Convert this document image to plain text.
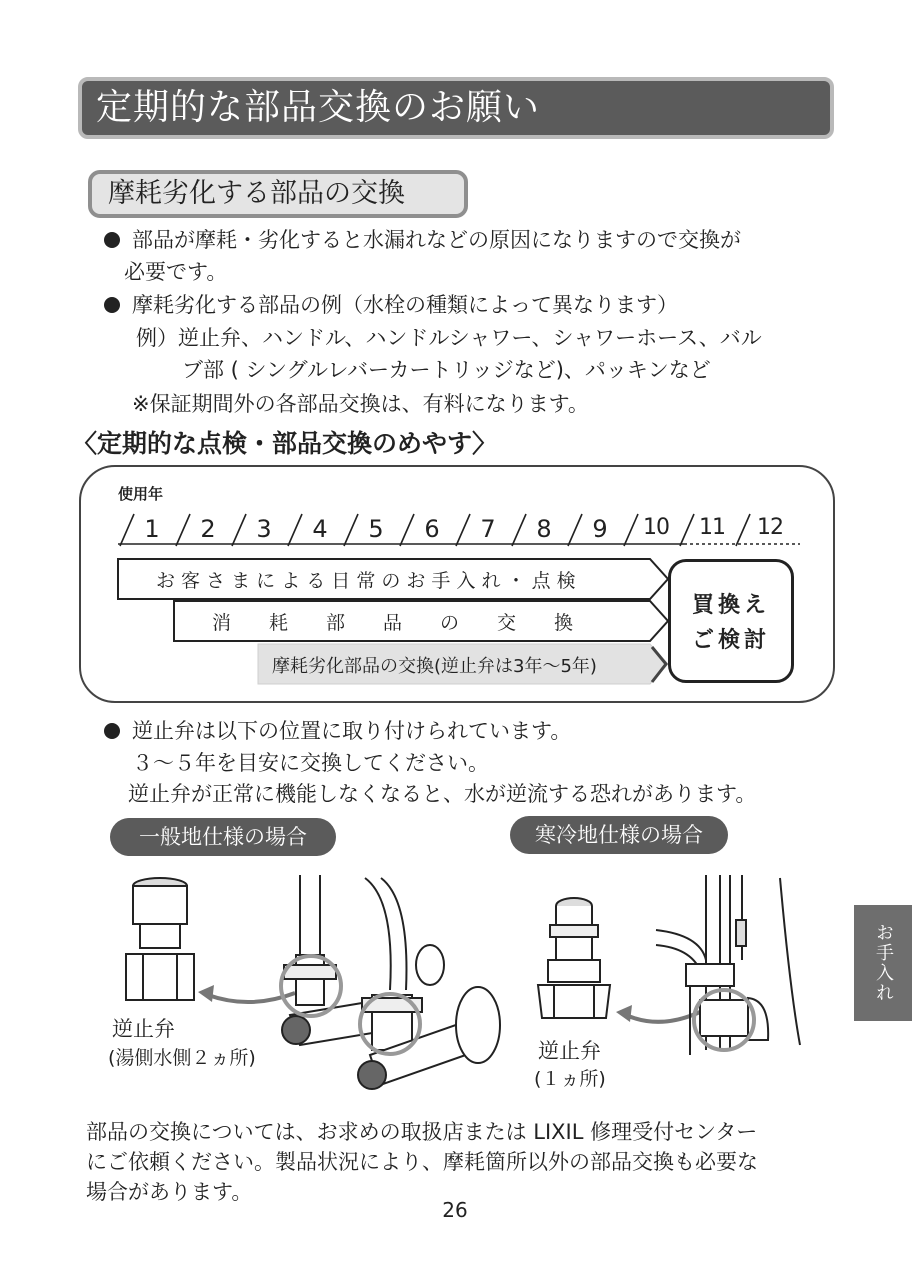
定期的な部品交換のお願い
摩耗劣化する部品の交換
部品が摩耗・劣化すると水漏れなどの原因になりますので交換が
必要です。
摩耗劣化する部品の例（水栓の種類によって異なります）
例）逆止弁、ハンドル、ハンドルシャワー、シャワーホース、バル
ブ部 ( シングルレバーカートリッジなど)、パッキンなど
※保証期間外の各部品交換は、有料になります。
〈定期的な点検・部品交換のめやす〉
使用年
1	2	3	4	5	6	7	8	9	10 11 12
お 客 さ ま に よ る 日 常 の お 手 入 れ ・ 点 検
消　　耗　　部　　品　　の　　交　　換
摩耗劣化部品の交換(逆止弁は3年〜5年)
買換え
ご検討
逆止弁は以下の位置に取り付けられています。
３〜５年を目安に交換してください。
逆止弁が正常に機能しなくなると、水が逆流する恐れがあります。
一般地仕様の場合	寒冷地仕様の場合
逆止弁
(湯側水側２ヵ所)	逆止弁
(１ヵ所)
部品の交換については、お求めの取扱店または LIXIL 修理受付センター
にご依頼ください。製品状況により、摩耗箇所以外の部品交換も必要な
場合があります。
お手入れ
26
